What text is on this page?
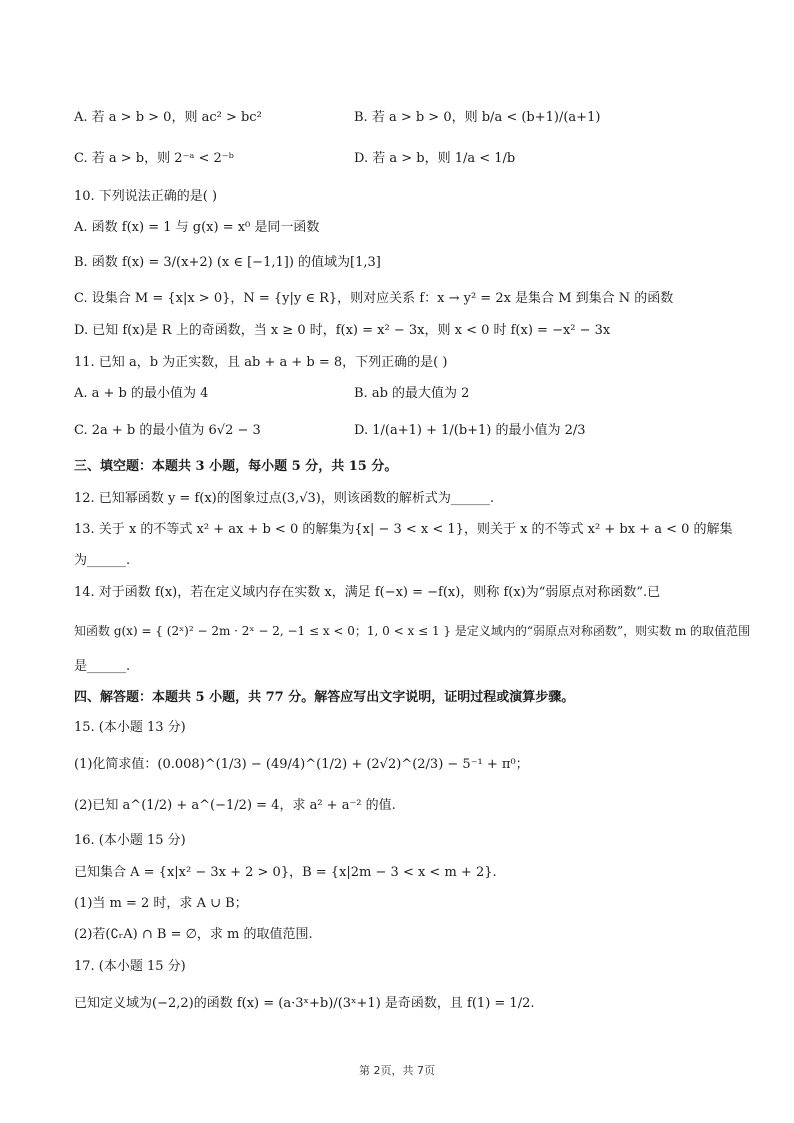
A. 若 a > b > 0，则 ac² > bc²	B. 若 a > b > 0，则 b/a < (b+1)/(a+1)
C. 若 a > b，则 2⁻ᵃ < 2⁻ᵇ	D. 若 a > b，则 1/a < 1/b
10. 下列说法正确的是( )
A. 函数 f(x) = 1 与 g(x) = x⁰ 是同一函数
B. 函数 f(x) = 3/(x+2) (x ∈ [−1,1]) 的值域为[1,3]
C. 设集合 M = {x|x > 0}，N = {y|y ∈ R}，则对应关系 f：x → y² = 2x 是集合 M 到集合 N 的函数
D. 已知 f(x)是 R 上的奇函数，当 x ≥ 0 时，f(x) = x² − 3x，则 x < 0 时 f(x) = −x² − 3x
11. 已知 a，b 为正实数，且 ab + a + b = 8，下列正确的是( )
A. a + b 的最小值为 4	B. ab 的最大值为 2
C. 2a + b 的最小值为 6√2 − 3	D. 1/(a+1) + 1/(b+1) 的最小值为 2/3
三、填空题：本题共 3 小题，每小题 5 分，共 15 分。
12. 已知幂函数 y = f(x)的图象过点(3,√3)，则该函数的解析式为______.
13. 关于 x 的不等式 x² + ax + b < 0 的解集为{x| − 3 < x < 1}，则关于 x 的不等式 x² + bx + a < 0 的解集
为______.
14. 对于函数 f(x)，若在定义域内存在实数 x，满足 f(−x) = −f(x)，则称 f(x)为“弱原点对称函数”.已
知函数 g(x) = { (2ˣ)² − 2m · 2ˣ − 2, −1 ≤ x < 0；1, 0 < x ≤ 1 } 是定义域内的“弱原点对称函数”，则实数 m 的取值范围
是______.
四、解答题：本题共 5 小题，共 77 分。解答应写出文字说明，证明过程或演算步骤。
15. (本小题 13 分)
(1)化简求值：(0.008)^(1/3) − (49/4)^(1/2) + (2√2)^(2/3) − 5⁻¹ + π⁰；
(2)已知 a^(1/2) + a^(−1/2) = 4，求 a² + a⁻² 的值.
16. (本小题 15 分)
已知集合 A = {x|x² − 3x + 2 > 0}，B = {x|2m − 3 < x < m + 2}.
(1)当 m = 2 时，求 A ∪ B；
(2)若(∁ᵣA) ∩ B = ∅，求 m 的取值范围.
17. (本小题 15 分)
已知定义域为(−2,2)的函数 f(x) = (a·3ˣ+b)/(3ˣ+1) 是奇函数，且 f(1) = 1/2.
第 2页，共 7页
